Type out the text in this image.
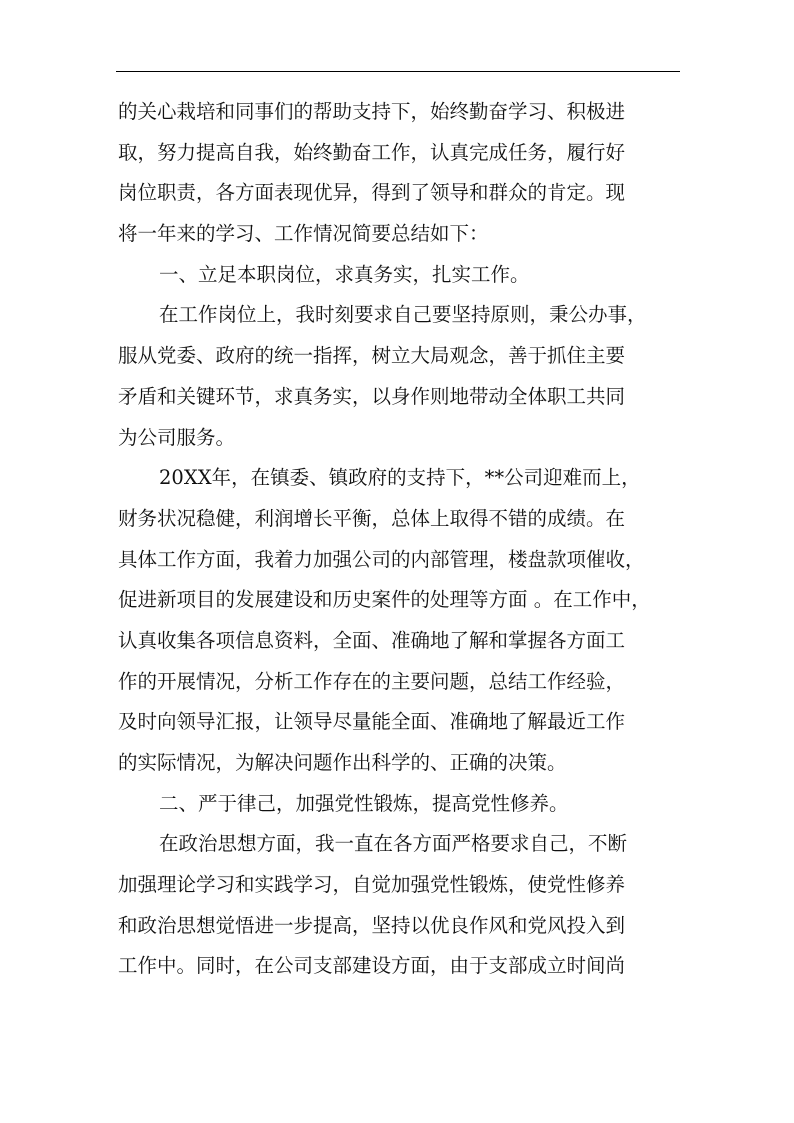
的关心栽培和同事们的帮助支持下，始终勤奋学习、积极进
取，努力提高自我，始终勤奋工作，认真完成任务，履行好
岗位职责，各方面表现优异，得到了领导和群众的肯定。现
将一年来的学习、工作情况简要总结如下：
一、立足本职岗位，求真务实，扎实工作。
在工作岗位上，我时刻要求自己要坚持原则，秉公办事，
服从党委、政府的统一指挥，树立大局观念，善于抓住主要
矛盾和关键环节，求真务实，以身作则地带动全体职工共同
为公司服务。
20XX年，在镇委、镇政府的支持下，**公司迎难而上，
财务状况稳健，利润增长平衡，总体上取得不错的成绩。在
具体工作方面，我着力加强公司的内部管理，楼盘款项催收，
促进新项目的发展建设和历史案件的处理等方面 。在工作中，
认真收集各项信息资料，全面、准确地了解和掌握各方面工
作的开展情况，分析工作存在的主要问题，总结工作经验，
及时向领导汇报，让领导尽量能全面、准确地了解最近工作
的实际情况，为解决问题作出科学的、正确的决策。
二、严于律己，加强党性锻炼，提高党性修养。
在政治思想方面，我一直在各方面严格要求自己，不断
加强理论学习和实践学习，自觉加强党性锻炼，使党性修养
和政治思想觉悟进一步提高，坚持以优良作风和党风投入到
工作中。同时，在公司支部建设方面，由于支部成立时间尚
